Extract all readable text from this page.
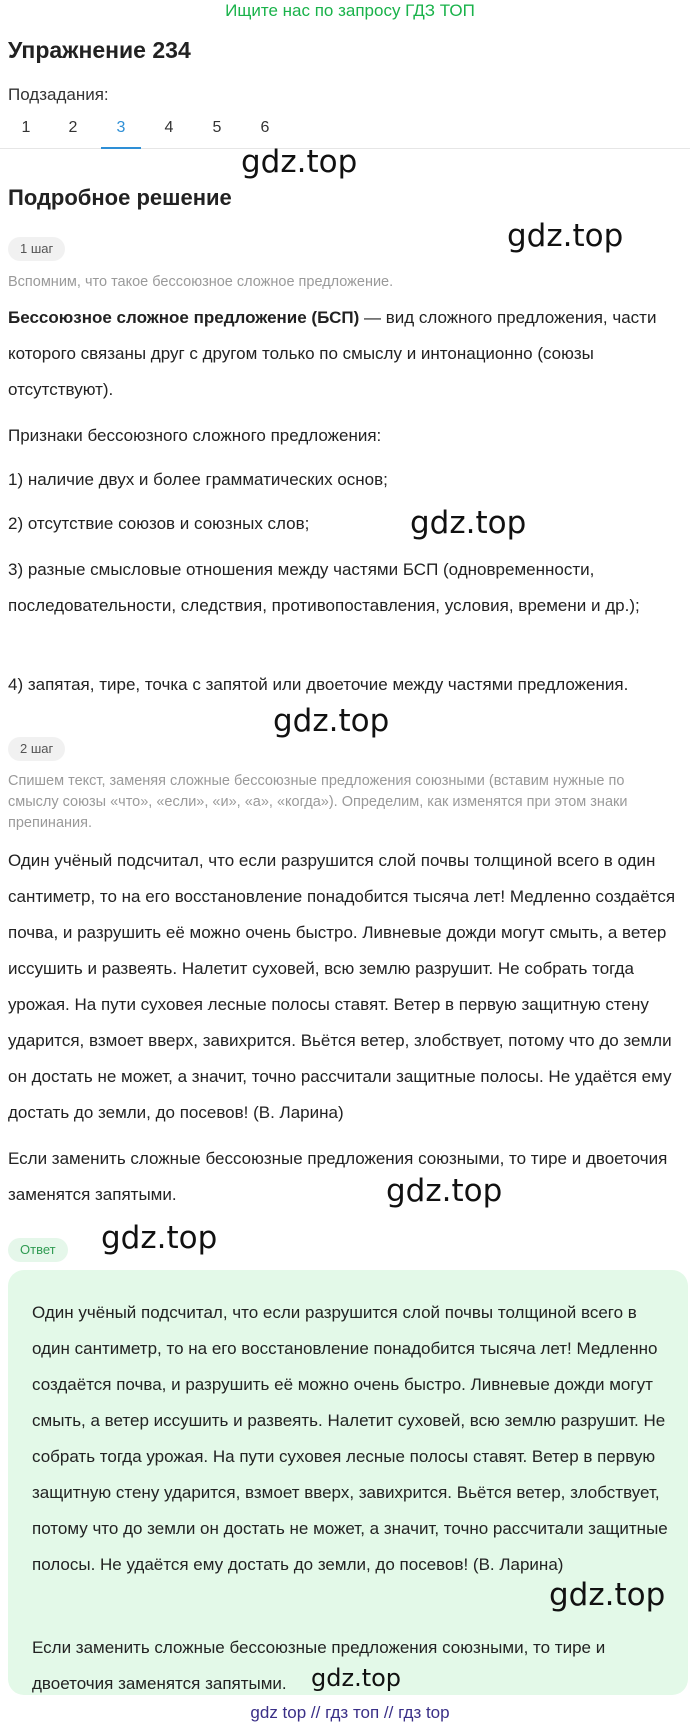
Ищите нас по запросу ГДЗ ТОП
Упражнение 234
Подзадания:
1	2	3	4	5	6
Подробное решение
1 шаг
Вспомним, что такое бессоюзное сложное предложение.
Бессоюзное сложное предложение (БСП) — вид сложного предложения, части которого связаны друг с другом только по смыслу и интонационно (союзы отсутствуют).
Признаки бессоюзного сложного предложения:
1) наличие двух и более грамматических основ;
2) отсутствие союзов и союзных слов;
3) разные смысловые отношения между частями БСП (одновременности, последовательности, следствия, противопоставления, условия, времени и др.);
4) запятая, тире, точка с запятой или двоеточие между частями предложения.
2 шаг
Спишем текст, заменяя сложные бессоюзные предложения союзными (вставим нужные по смыслу союзы «что», «если», «и», «а», «когда»). Определим, как изменятся при этом знаки препинания.
Один учёный подсчитал, что если разрушится слой почвы толщиной всего в один сантиметр, то на его восстановление понадобится тысяча лет! Медленно создаётся почва, и разрушить её можно очень быстро. Ливневые дожди могут смыть, а ветер иссушить и развеять. Налетит суховей, всю землю разрушит. Не собрать тогда урожая. На пути суховея лесные полосы ставят. Ветер в первую защитную стену ударится, взмоет вверх, завихрится. Вьётся ветер, злобствует, потому что до земли он достать не может, а значит, точно рассчитали защитные полосы. Не удаётся ему достать до земли, до посевов! (В. Ларина)
Если заменить сложные бессоюзные предложения союзными, то тире и двоеточия заменятся запятыми.
Ответ
Один учёный подсчитал, что если разрушится слой почвы толщиной всего в один сантиметр, то на его восстановление понадобится тысяча лет! Медленно создаётся почва, и разрушить её можно очень быстро. Ливневые дожди могут смыть, а ветер иссушить и развеять. Налетит суховей, всю землю разрушит. Не собрать тогда урожая. На пути суховея лесные полосы ставят. Ветер в первую защитную стену ударится, взмоет вверх, завихрится. Вьётся ветер, злобствует, потому что до земли он достать не может, а значит, точно рассчитали защитные полосы. Не удаётся ему достать до земли, до посевов! (В. Ларина)
Если заменить сложные бессоюзные предложения союзными, то тире и двоеточия заменятся запятыми.
gdz.top
gdz.top
gdz.top
gdz.top
gdz.top
gdz.top
gdz.top
gdz.top
gdz top // гдз топ // гдз top
